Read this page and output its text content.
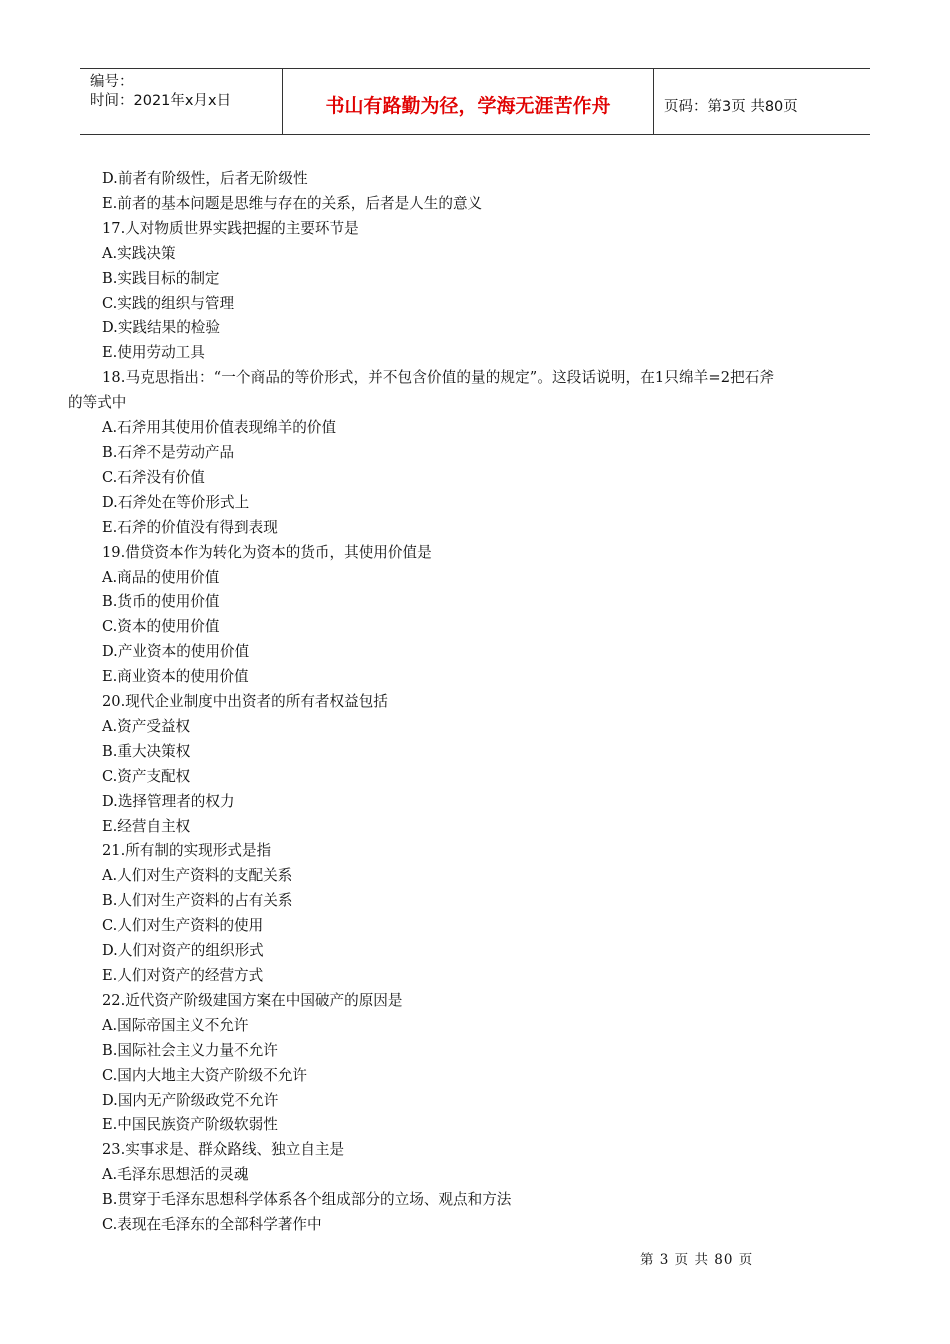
编号：
时间：2021年x月x日	书山有路勤为径，学海无涯苦作舟	页码：第3页 共80页
D.前者有阶级性，后者无阶级性
E.前者的基本问题是思维与存在的关系，后者是人生的意义
17.人对物质世界实践把握的主要环节是
A.实践决策
B.实践目标的制定
C.实践的组织与管理
D.实践结果的检验
E.使用劳动工具
18.马克思指出：“一个商品的等价形式，并不包含价值的量的规定”。这段话说明，在1只绵羊=2把石斧
的等式中
A.石斧用其使用价值表现绵羊的价值
B.石斧不是劳动产品
C.石斧没有价值
D.石斧处在等价形式上
E.石斧的价值没有得到表现
19.借贷资本作为转化为资本的货币，其使用价值是
A.商品的使用价值
B.货币的使用价值
C.资本的使用价值
D.产业资本的使用价值
E.商业资本的使用价值
20.现代企业制度中出资者的所有者权益包括
A.资产受益权
B.重大决策权
C.资产支配权
D.选择管理者的权力
E.经营自主权
21.所有制的实现形式是指
A.人们对生产资料的支配关系
B.人们对生产资料的占有关系
C.人们对生产资料的使用
D.人们对资产的组织形式
E.人们对资产的经营方式
22.近代资产阶级建国方案在中国破产的原因是
A.国际帝国主义不允许
B.国际社会主义力量不允许
C.国内大地主大资产阶级不允许
D.国内无产阶级政党不允许
E.中国民族资产阶级软弱性
23.实事求是、群众路线、独立自主是
A.毛泽东思想活的灵魂
B.贯穿于毛泽东思想科学体系各个组成部分的立场、观点和方法
C.表现在毛泽东的全部科学著作中
第 3 页 共 80 页
